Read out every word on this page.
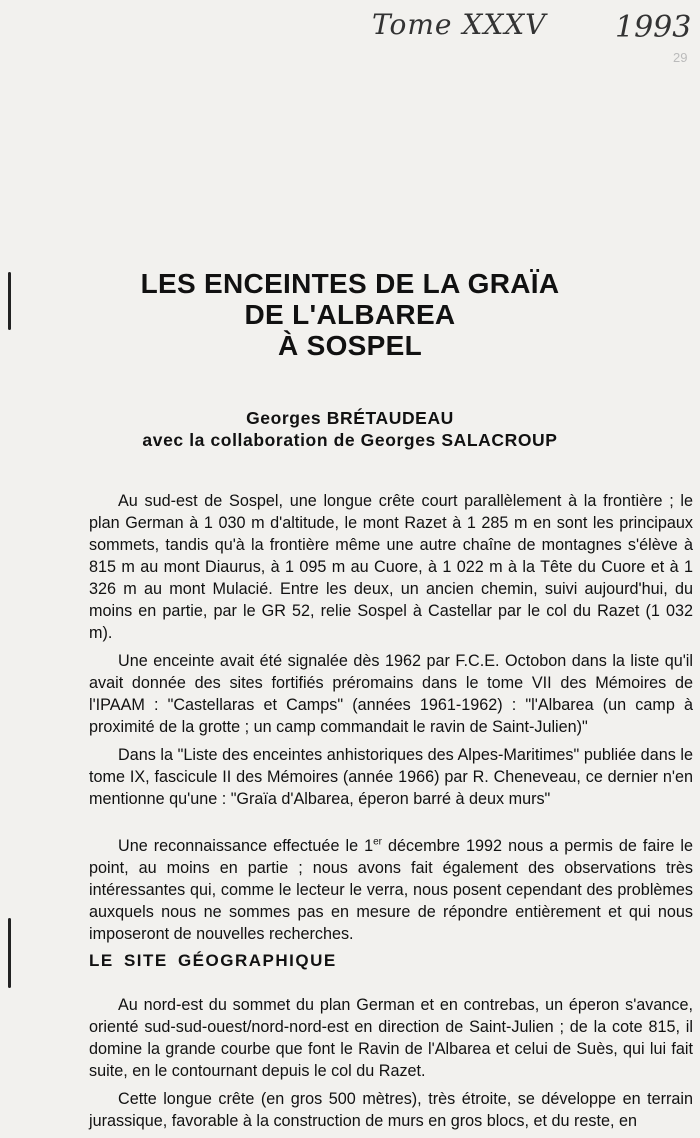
Tome XXXV 1993
29
LES ENCEINTES DE LA GRAÏA
DE L'ALBAREA
À SOSPEL
Georges BRÉTAUDEAU
avec la collaboration de Georges SALACROUP

Au sud-est de Sospel, une longue crête court parallèlement à la frontière ; le plan German à 1 030 m d'altitude, le mont Razet à 1 285 m en sont les principaux sommets, tandis qu'à la frontière même une autre chaîne de montagnes s'élève à 815 m au mont Diaurus, à 1 095 m au Cuore, à 1 022 m à la Tête du Cuore et à 1 326 m au mont Mulacié. Entre les deux, un ancien chemin, suivi aujourd'hui, du moins en partie, par le GR 52, relie Sospel à Castellar par le col du Razet (1 032 m).

Une enceinte avait été signalée dès 1962 par F.C.E. Octobon dans la liste qu'il avait donnée des sites fortifiés préromains dans le tome VII des Mémoires de l'IPAAM : "Castellaras et Camps" (années 1961-1962) : "l'Albarea (un camp à proximité de la grotte ; un camp commandait le ravin de Saint-Julien)"

Dans la "Liste des enceintes anhistoriques des Alpes-Maritimes" publiée dans le tome IX, fascicule II des Mémoires (année 1966) par R. Cheneveau, ce dernier n'en mentionne qu'une : "Graïa d'Albarea, éperon barré à deux murs"

Une reconnaissance effectuée le 1er décembre 1992 nous a permis de faire le point, au moins en partie ; nous avons fait également des observations très intéressantes qui, comme le lecteur le verra, nous posent cependant des problèmes auxquels nous ne sommes pas en mesure de répondre entièrement et qui nous imposeront de nouvelles recherches.

LE SITE GÉOGRAPHIQUE

Au nord-est du sommet du plan German et en contrebas, un éperon s'avance, orienté sud-sud-ouest/nord-nord-est en direction de Saint-Julien ; de la cote 815, il domine la grande courbe que font le Ravin de l'Albarea et celui de Suès, qui lui fait suite, en le contournant depuis le col du Razet.

Cette longue crête (en gros 500 mètres), très étroite, se développe en terrain jurassique, favorable à la construction de murs en gros blocs, et du reste, en
